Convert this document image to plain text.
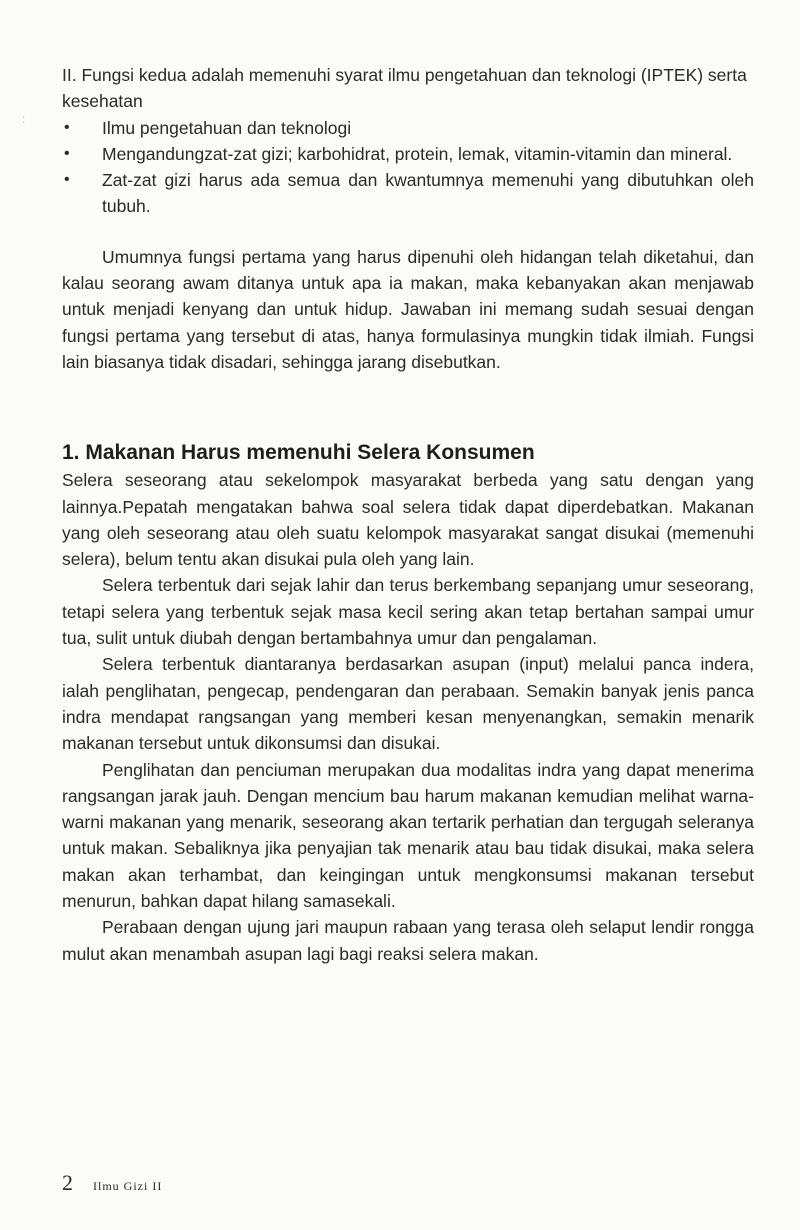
:

II. Fungsi kedua adalah memenuhi syarat ilmu pengetahuan dan teknologi (IPTEK) serta kesehatan

• Ilmu pengetahuan dan teknologi
• Mengandungzat-zat gizi; karbohidrat, protein, lemak, vitamin-vitamin dan mineral.
• Zat-zat gizi harus ada semua dan kwantumnya memenuhi yang dibutuhkan oleh tubuh.

Umumnya fungsi pertama yang harus dipenuhi oleh hidangan telah diketahui, dan kalau seorang awam ditanya untuk apa ia makan, maka kebanyakan akan menjawab untuk menjadi kenyang dan untuk hidup. Jawaban ini memang sudah sesuai dengan fungsi pertama yang tersebut di atas, hanya formulasinya mungkin tidak ilmiah. Fungsi lain biasanya tidak disadari, sehingga jarang disebutkan.

1. Makanan Harus memenuhi Selera Konsumen

Selera seseorang atau sekelompok masyarakat berbeda yang satu dengan yang lainnya.Pepatah mengatakan bahwa soal selera tidak dapat diperdebatkan. Makanan yang oleh seseorang atau oleh suatu kelompok masyarakat sangat disukai (memenuhi selera), belum tentu akan disukai pula oleh yang lain.

Selera terbentuk dari sejak lahir dan terus berkembang sepanjang umur seseorang, tetapi selera yang terbentuk sejak masa kecil sering akan tetap bertahan sampai umur tua, sulit untuk diubah dengan bertambahnya umur dan pengalaman.

Selera terbentuk diantaranya berdasarkan asupan (input) melalui panca indera, ialah penglihatan, pengecap, pendengaran dan perabaan. Semakin banyak jenis panca indra mendapat rangsangan yang memberi kesan menyenangkan, semakin menarik makanan tersebut untuk dikonsumsi dan disukai.

Penglihatan dan penciuman merupakan dua modalitas indra yang dapat menerima rangsangan jarak jauh. Dengan mencium bau harum makanan kemudian melihat warna-warni makanan yang menarik, seseorang akan tertarik perhatian dan tergugah seleranya untuk makan. Sebaliknya jika penyajian tak menarik atau bau tidak disukai, maka selera makan akan terhambat, dan keingingan untuk mengkonsumsi makanan tersebut menurun, bahkan dapat hilang samasekali.

Perabaan dengan ujung jari maupun rabaan yang terasa oleh selaput lendir rongga mulut akan menambah asupan lagi bagi reaksi selera makan.

2 Ilmu Gizi II
